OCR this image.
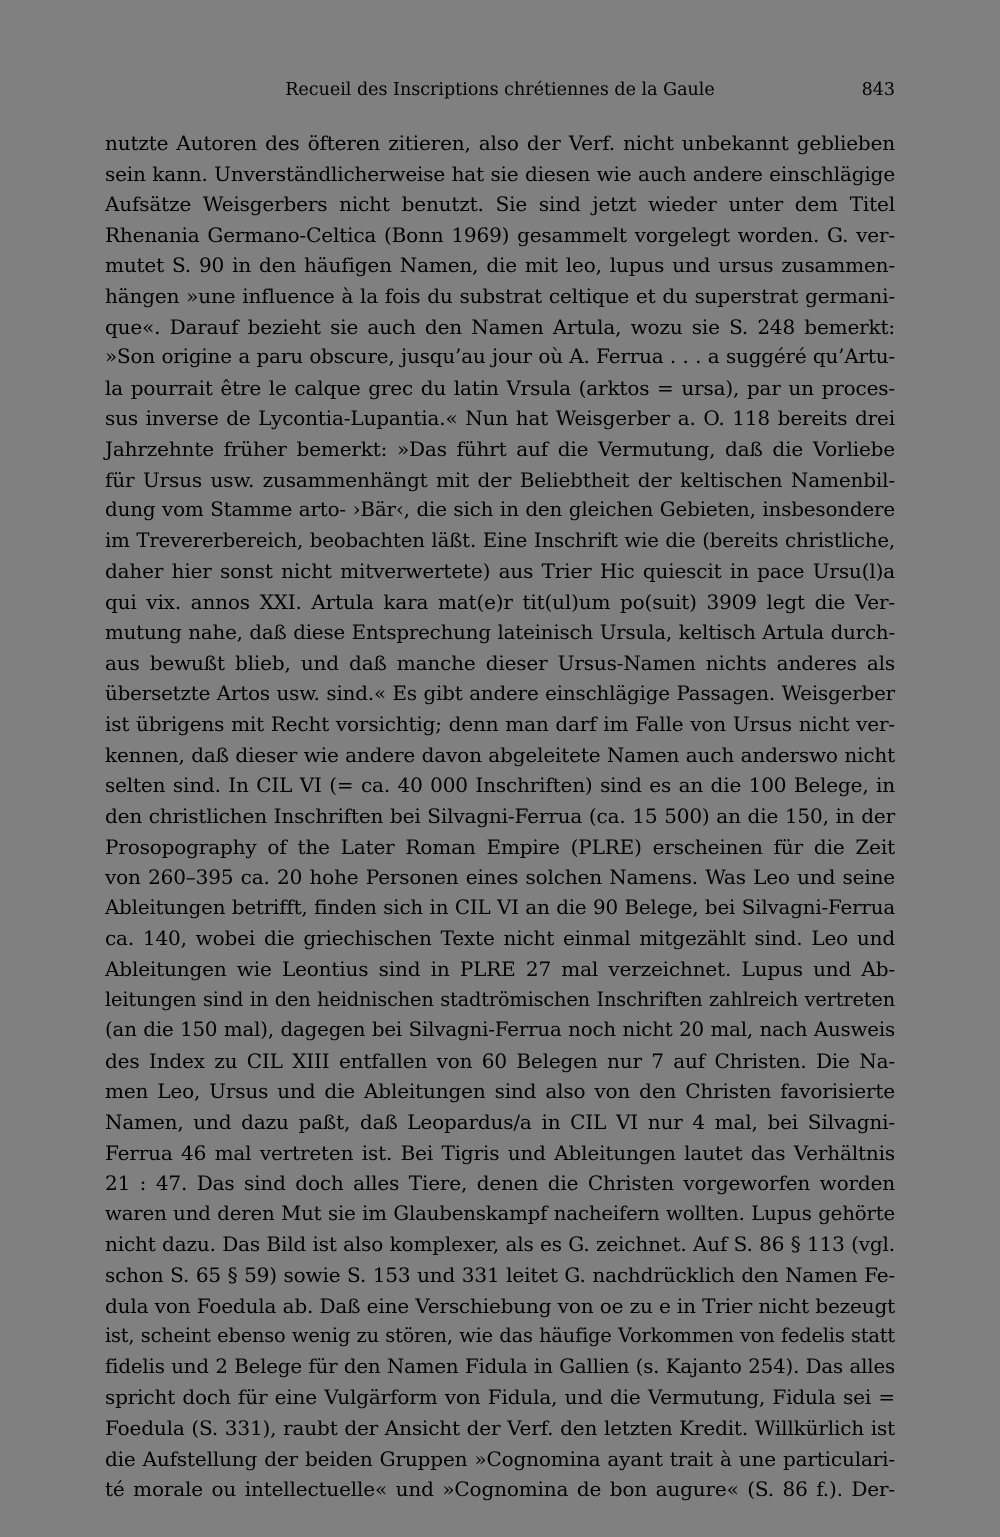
Recueil des Inscriptions chrétiennes de la Gaule	843
nutzte Autoren des öfteren zitieren, also der Verf. nicht unbekannt geblieben
sein kann. Unverständlicherweise hat sie diesen wie auch andere einschlägige
Aufsätze Weisgerbers nicht benutzt. Sie sind jetzt wieder unter dem Titel
Rhenania Germano-Celtica (Bonn 1969) gesammelt vorgelegt worden. G. ver-
mutet S. 90 in den häufigen Namen, die mit leo, lupus und ursus zusammen-
hängen »une influence à la fois du substrat celtique et du superstrat germani-
que«. Darauf bezieht sie auch den Namen Artula, wozu sie S. 248 bemerkt:
»Son origine a paru obscure, jusqu’au jour où A. Ferrua . . . a suggéré qu’Artu-
la pourrait être le calque grec du latin Vrsula (arktos = ursa), par un proces-
sus inverse de Lycontia-Lupantia.« Nun hat Weisgerber a. O. 118 bereits drei
Jahrzehnte früher bemerkt: »Das führt auf die Vermutung, daß die Vorliebe
für Ursus usw. zusammenhängt mit der Beliebtheit der keltischen Namenbil-
dung vom Stamme arto- ›Bär‹, die sich in den gleichen Gebieten, insbesondere
im Trevererbereich, beobachten läßt. Eine Inschrift wie die (bereits christliche,
daher hier sonst nicht mitverwertete) aus Trier Hic quiescit in pace Ursu(l)a
qui vix. annos XXI. Artula kara mat(e)r tit(ul)um po(suit) 3909 legt die Ver-
mutung nahe, daß diese Entsprechung lateinisch Ursula, keltisch Artula durch-
aus bewußt blieb, und daß manche dieser Ursus-Namen nichts anderes als
übersetzte Artos usw. sind.« Es gibt andere einschlägige Passagen. Weisgerber
ist übrigens mit Recht vorsichtig; denn man darf im Falle von Ursus nicht ver-
kennen, daß dieser wie andere davon abgeleitete Namen auch anderswo nicht
selten sind. In CIL VI (= ca. 40 000 Inschriften) sind es an die 100 Belege, in
den christlichen Inschriften bei Silvagni-Ferrua (ca. 15 500) an die 150, in der
Prosopography of the Later Roman Empire (PLRE) erscheinen für die Zeit
von 260–395 ca. 20 hohe Personen eines solchen Namens. Was Leo und seine
Ableitungen betrifft, finden sich in CIL VI an die 90 Belege, bei Silvagni-Ferrua
ca. 140, wobei die griechischen Texte nicht einmal mitgezählt sind. Leo und
Ableitungen wie Leontius sind in PLRE 27 mal verzeichnet. Lupus und Ab-
leitungen sind in den heidnischen stadtrömischen Inschriften zahlreich vertreten
(an die 150 mal), dagegen bei Silvagni-Ferrua noch nicht 20 mal, nach Ausweis
des Index zu CIL XIII entfallen von 60 Belegen nur 7 auf Christen. Die Na-
men Leo, Ursus und die Ableitungen sind also von den Christen favorisierte
Namen, und dazu paßt, daß Leopardus/a in CIL VI nur 4 mal, bei Silvagni-
Ferrua 46 mal vertreten ist. Bei Tigris und Ableitungen lautet das Verhältnis
21 : 47. Das sind doch alles Tiere, denen die Christen vorgeworfen worden
waren und deren Mut sie im Glaubenskampf nacheifern wollten. Lupus gehörte
nicht dazu. Das Bild ist also komplexer, als es G. zeichnet. Auf S. 86 § 113 (vgl.
schon S. 65 § 59) sowie S. 153 und 331 leitet G. nachdrücklich den Namen Fe-
dula von Foedula ab. Daß eine Verschiebung von oe zu e in Trier nicht bezeugt
ist, scheint ebenso wenig zu stören, wie das häufige Vorkommen von fedelis statt
fidelis und 2 Belege für den Namen Fidula in Gallien (s. Kajanto 254). Das alles
spricht doch für eine Vulgärform von Fidula, und die Vermutung, Fidula sei =
Foedula (S. 331), raubt der Ansicht der Verf. den letzten Kredit. Willkürlich ist
die Aufstellung der beiden Gruppen »Cognomina ayant trait à une particulari-
té morale ou intellectuelle« und »Cognomina de bon augure« (S. 86 f.). Der-
